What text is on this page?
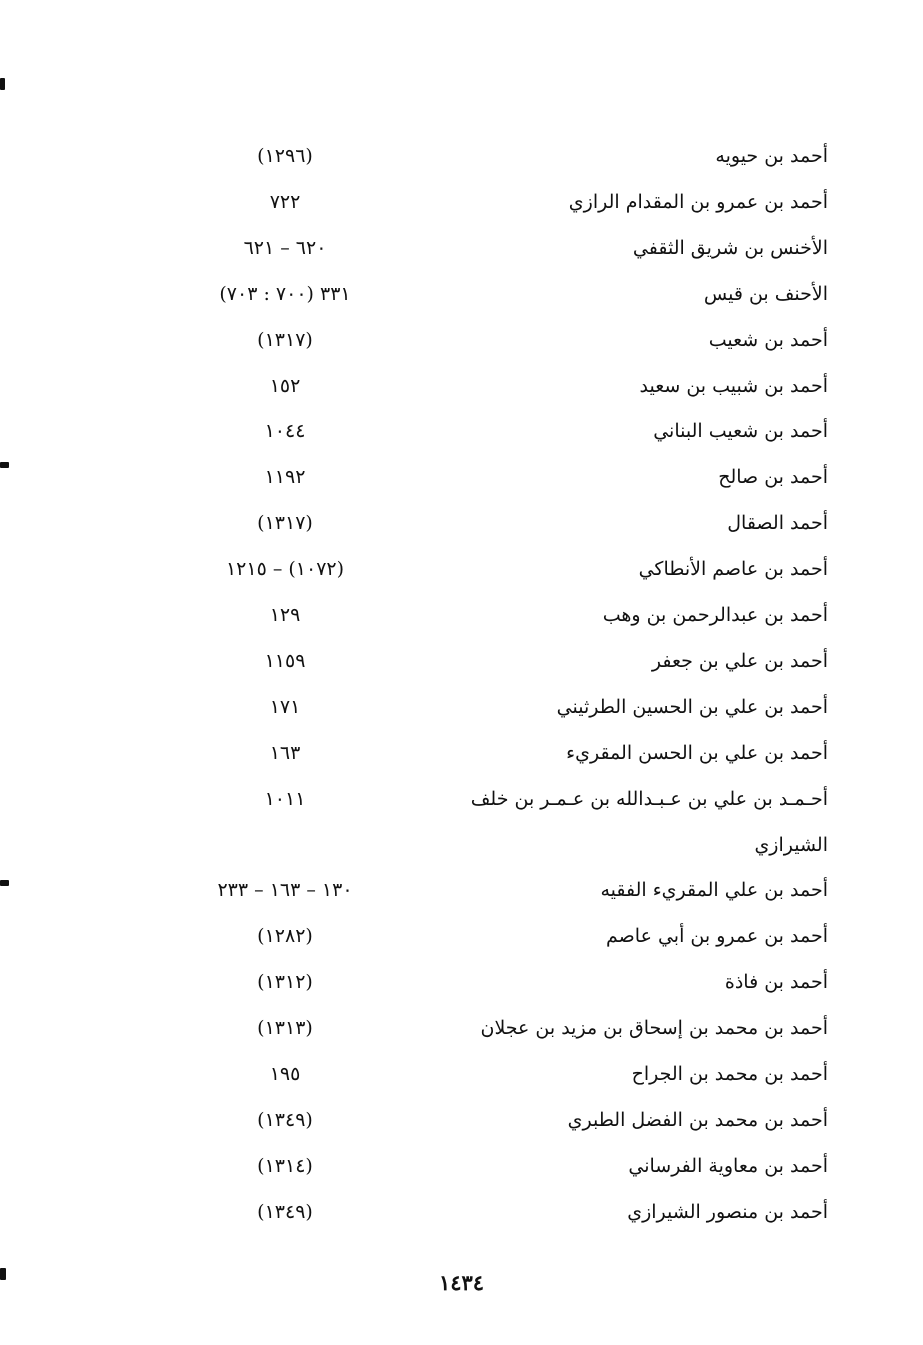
أحمد بن حيويه
(١٢٩٦)
أحمد بن عمرو بن المقدام الرازي
٧٢٢
الأخنس بن شريق الثقفي
٦٢٠ – ٦٢١
الأحنف بن قيس
٣٣١ (٧٠٠ : ٧٠٣)
أحمد بن شعيب
(١٣١٧)
أحمد بن شبيب بن سعيد
١٥٢
أحمد بن شعيب البناني
١٠٤٤
أحمد بن صالح
١١٩٢
أحمد الصقال
(١٣١٧)
أحمد بن عاصم الأنطاكي
(١٠٧٢) – ١٢١٥
أحمد بن عبدالرحمن بن وهب
١٢٩
أحمد بن علي بن جعفر
١١٥٩
أحمد بن علي بن الحسين الطرثيني
١٧١
أحمد بن علي بن الحسن المقريء
١٦٣
أحـمـد بن علي بن عـبـدالله بن عـمـر بن خلف
١٠١١
الشيرازي
أحمد بن علي المقريء الفقيه
١٣٠ – ١٦٣ – ٢٣٣
أحمد بن عمرو بن أبي عاصم
(١٢٨٢)
أحمد بن فاذة
(١٣١٢)
أحمد بن محمد بن إسحاق بن مزيد بن عجلان
(١٣١٣)
أحمد بن محمد بن الجراح
١٩٥
أحمد بن محمد بن الفضل الطبري
(١٣٤٩)
أحمد بن معاوية الفرساني
(١٣١٤)
أحمد بن منصور الشيرازي
(١٣٤٩)
١٤٣٤
